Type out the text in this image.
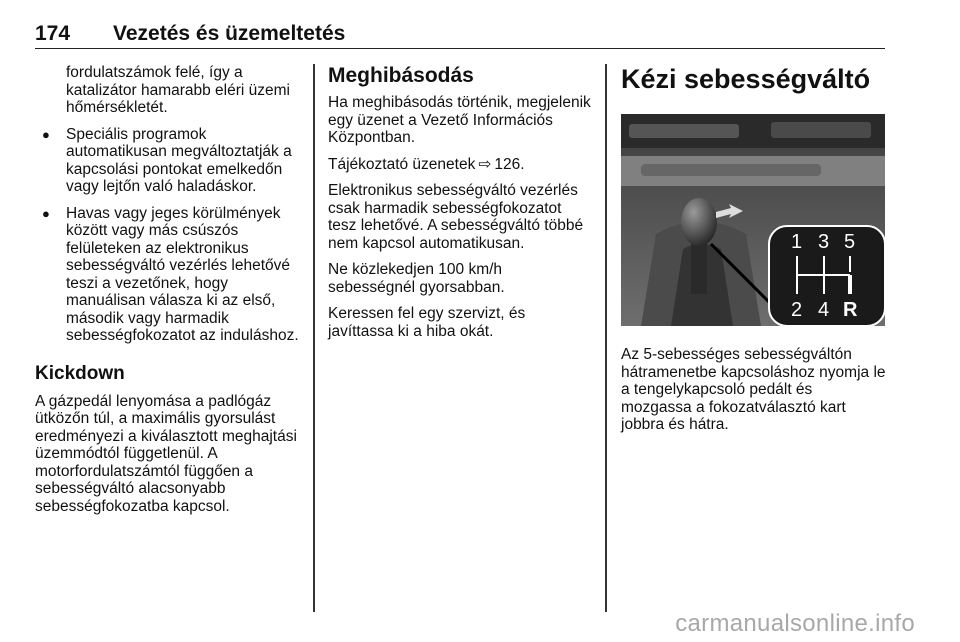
174 Vezetés és üzemeltetés

fordulatszámok felé, így a katalizátor hamarabb eléri üzemi hőmérsékletét.

● Speciális programok automatikusan megváltoztatják a kapcsolási pontokat emelkedőn vagy lejtőn való haladáskor.
● Havas vagy jeges körülmények között vagy más csúszós felületeken az elektronikus sebességváltó vezérlés lehetővé teszi a vezetőnek, hogy manuálisan válasza ki az első, második vagy harmadik sebességfokozatot az induláshoz.
Kickdown

A gázpedál lenyomása a padlógáz ütközőn túl, a maximális gyorsulást eredményezi a kiválasztott meghajtási üzemmódtól függetlenül. A motorfordulatszámtól függően a sebességváltó alacsonyabb sebességfokozatba kapcsol.

Meghibásodás

Ha meghibásodás történik, megjelenik egy üzenet a Vezető Információs Központban.

Tájékoztató üzenetek ⇨ 126.

Elektronikus sebességváltó vezérlés csak harmadik sebességfokozatot tesz lehetővé. A sebességváltó többé nem kapcsol automatikusan.

Ne közlekedjen 100 km/h sebességnél gyorsabban.

Keressen fel egy szervizt, és javíttassa ki a hiba okát.

Kézi sebességváltó
1 3 5
2 4 R

Az 5-sebességes sebességváltón hátramenetbe kapcsoláshoz nyomja le a tengelykapcsoló pedált és mozgassa a fokozatválasztó kart jobbra és hátra.

carmanualsonline.info
